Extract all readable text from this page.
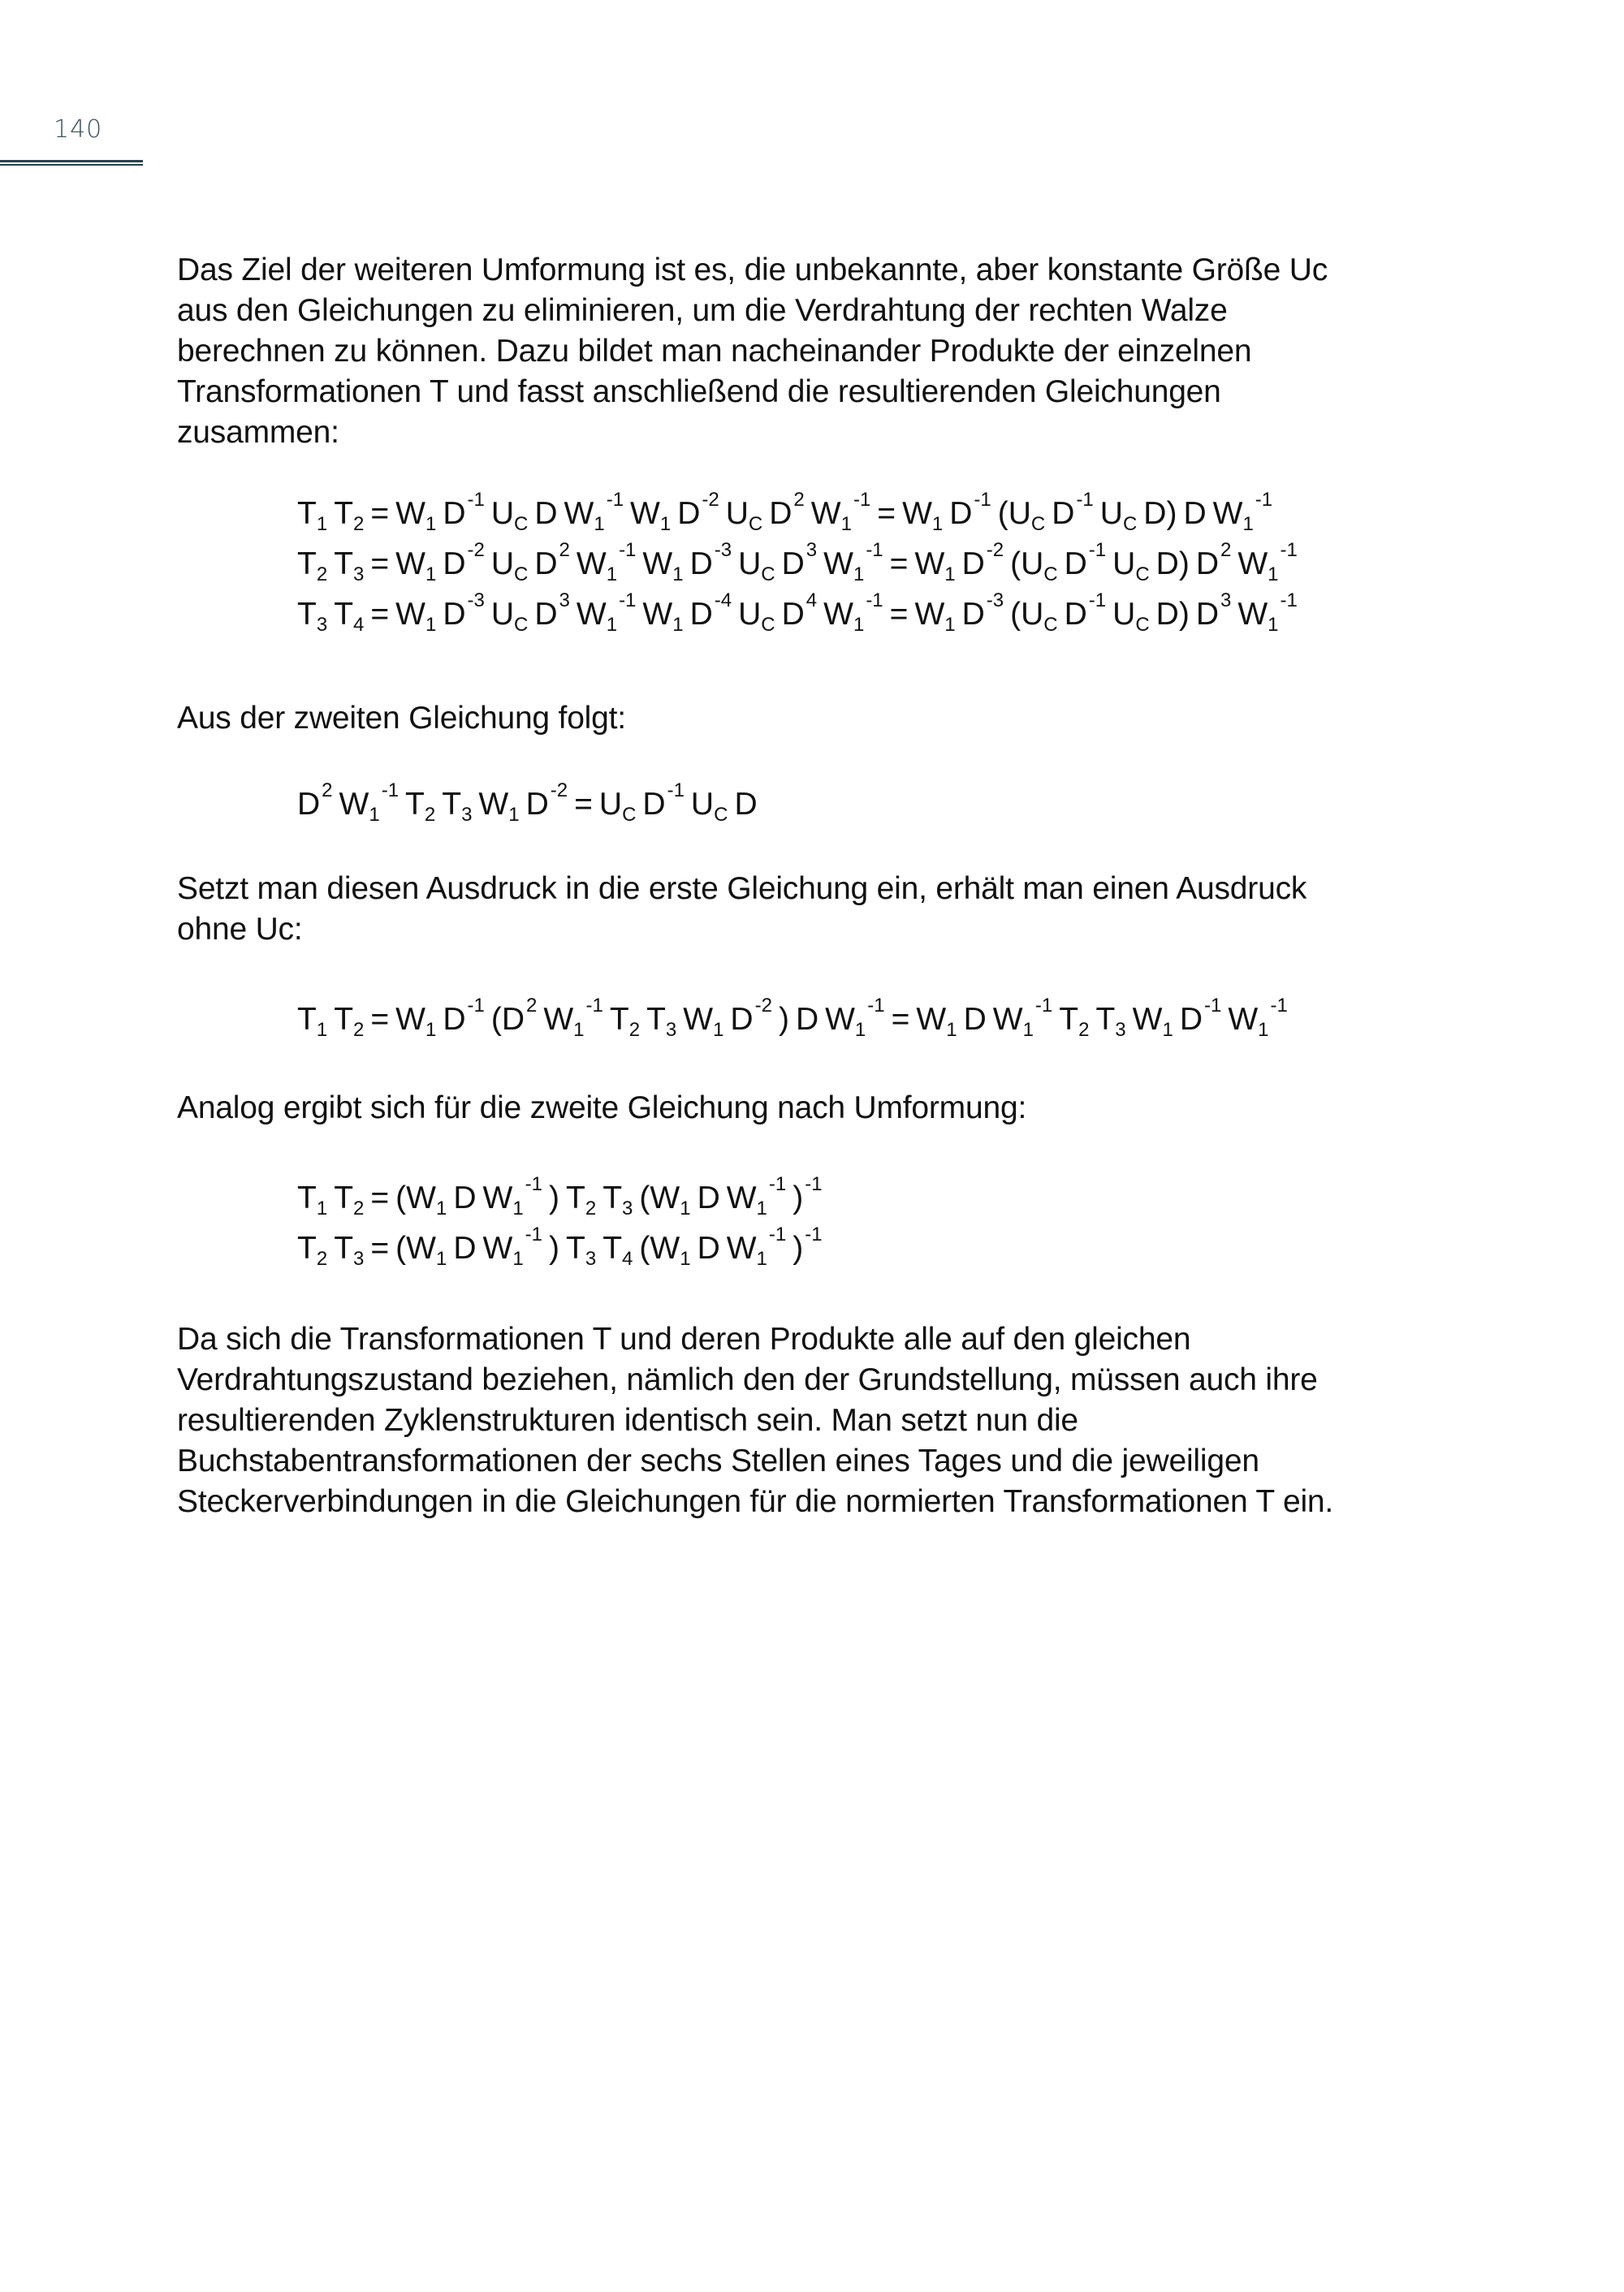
140
Das Ziel der weiteren Umformung ist es, die unbekannte, aber konstante Größe Uᴄ
aus den Gleichungen zu eliminieren, um die Verdrahtung der rechten Walze
berechnen zu können. Dazu bildet man nacheinander Produkte der einzelnen
Transformationen T und fasst anschließend die resultierenden Gleichungen
zusammen:
$T_1$ $T_2 = W_1$ $D^{-1}$ $U_C$ D $W_1^{-1}$ $W_1$ $D^{-2}$ $U_C$ $D^2$ $W_1^{-1} = W_1$ $D^{-1}$ ($U_C$ $D^{-1}$ $U_C$ D) D $W_1^{-1}$
$T_2$ $T_3 = W_1$ $D^{-2}$ $U_C$ $D^2$ $W_1^{-1}$ $W_1$ $D^{-3}$ $U_C$ $D^3$ $W_1^{-1} = W_1$ $D^{-2}$ ($U_C$ $D^{-1}$ $U_C$ D) $D^2$ $W_1^{-1}$
$T_3$ $T_4 = W_1$ $D^{-3}$ $U_C$ $D^3$ $W_1^{-1}$ $W_1$ $D^{-4}$ $U_C$ $D^4$ $W_1^{-1} = W_1$ $D^{-3}$ ($U_C$ $D^{-1}$ $U_C$ D) $D^3$ $W_1^{-1}$
Aus der zweiten Gleichung folgt:
$D^2$ $W_1^{-1}$ $T_2$ $T_3$ $W_1$ $D^{-2} = U_C$ $D^{-1}$ $U_C$ D
Setzt man diesen Ausdruck in die erste Gleichung ein, erhält man einen Ausdruck
ohne Uᴄ:
$T_1$ $T_2 = W_1$ $D^{-1}$ ($D^2$ $W_1^{-1}$ $T_2$ $T_3$ $W_1$ $D^{-2}$ ) D $W_1^{-1} = W_1$ D $W_1^{-1}$ $T_2$ $T_3$ $W_1$ $D^{-1}$ $W_1^{-1}$
Analog ergibt sich für die zweite Gleichung nach Umformung:
$T_1$ $T_2 = (W_1$ D $W_1^{-1}$ ) $T_2$ $T_3$ ($W_1$ D $W_1^{-1}$ )$^{-1}$
$T_2$ $T_3 = (W_1$ D $W_1^{-1}$ ) $T_3$ $T_4$ ($W_1$ D $W_1^{-1}$ )$^{-1}$
Da sich die Transformationen T und deren Produkte alle auf den gleichen
Verdrahtungszustand beziehen, nämlich den der Grundstellung, müssen auch ihre
resultierenden Zyklenstrukturen identisch sein. Man setzt nun die
Buchstabentransformationen der sechs Stellen eines Tages und die jeweiligen
Steckerverbindungen in die Gleichungen für die normierten Transformationen T ein.
